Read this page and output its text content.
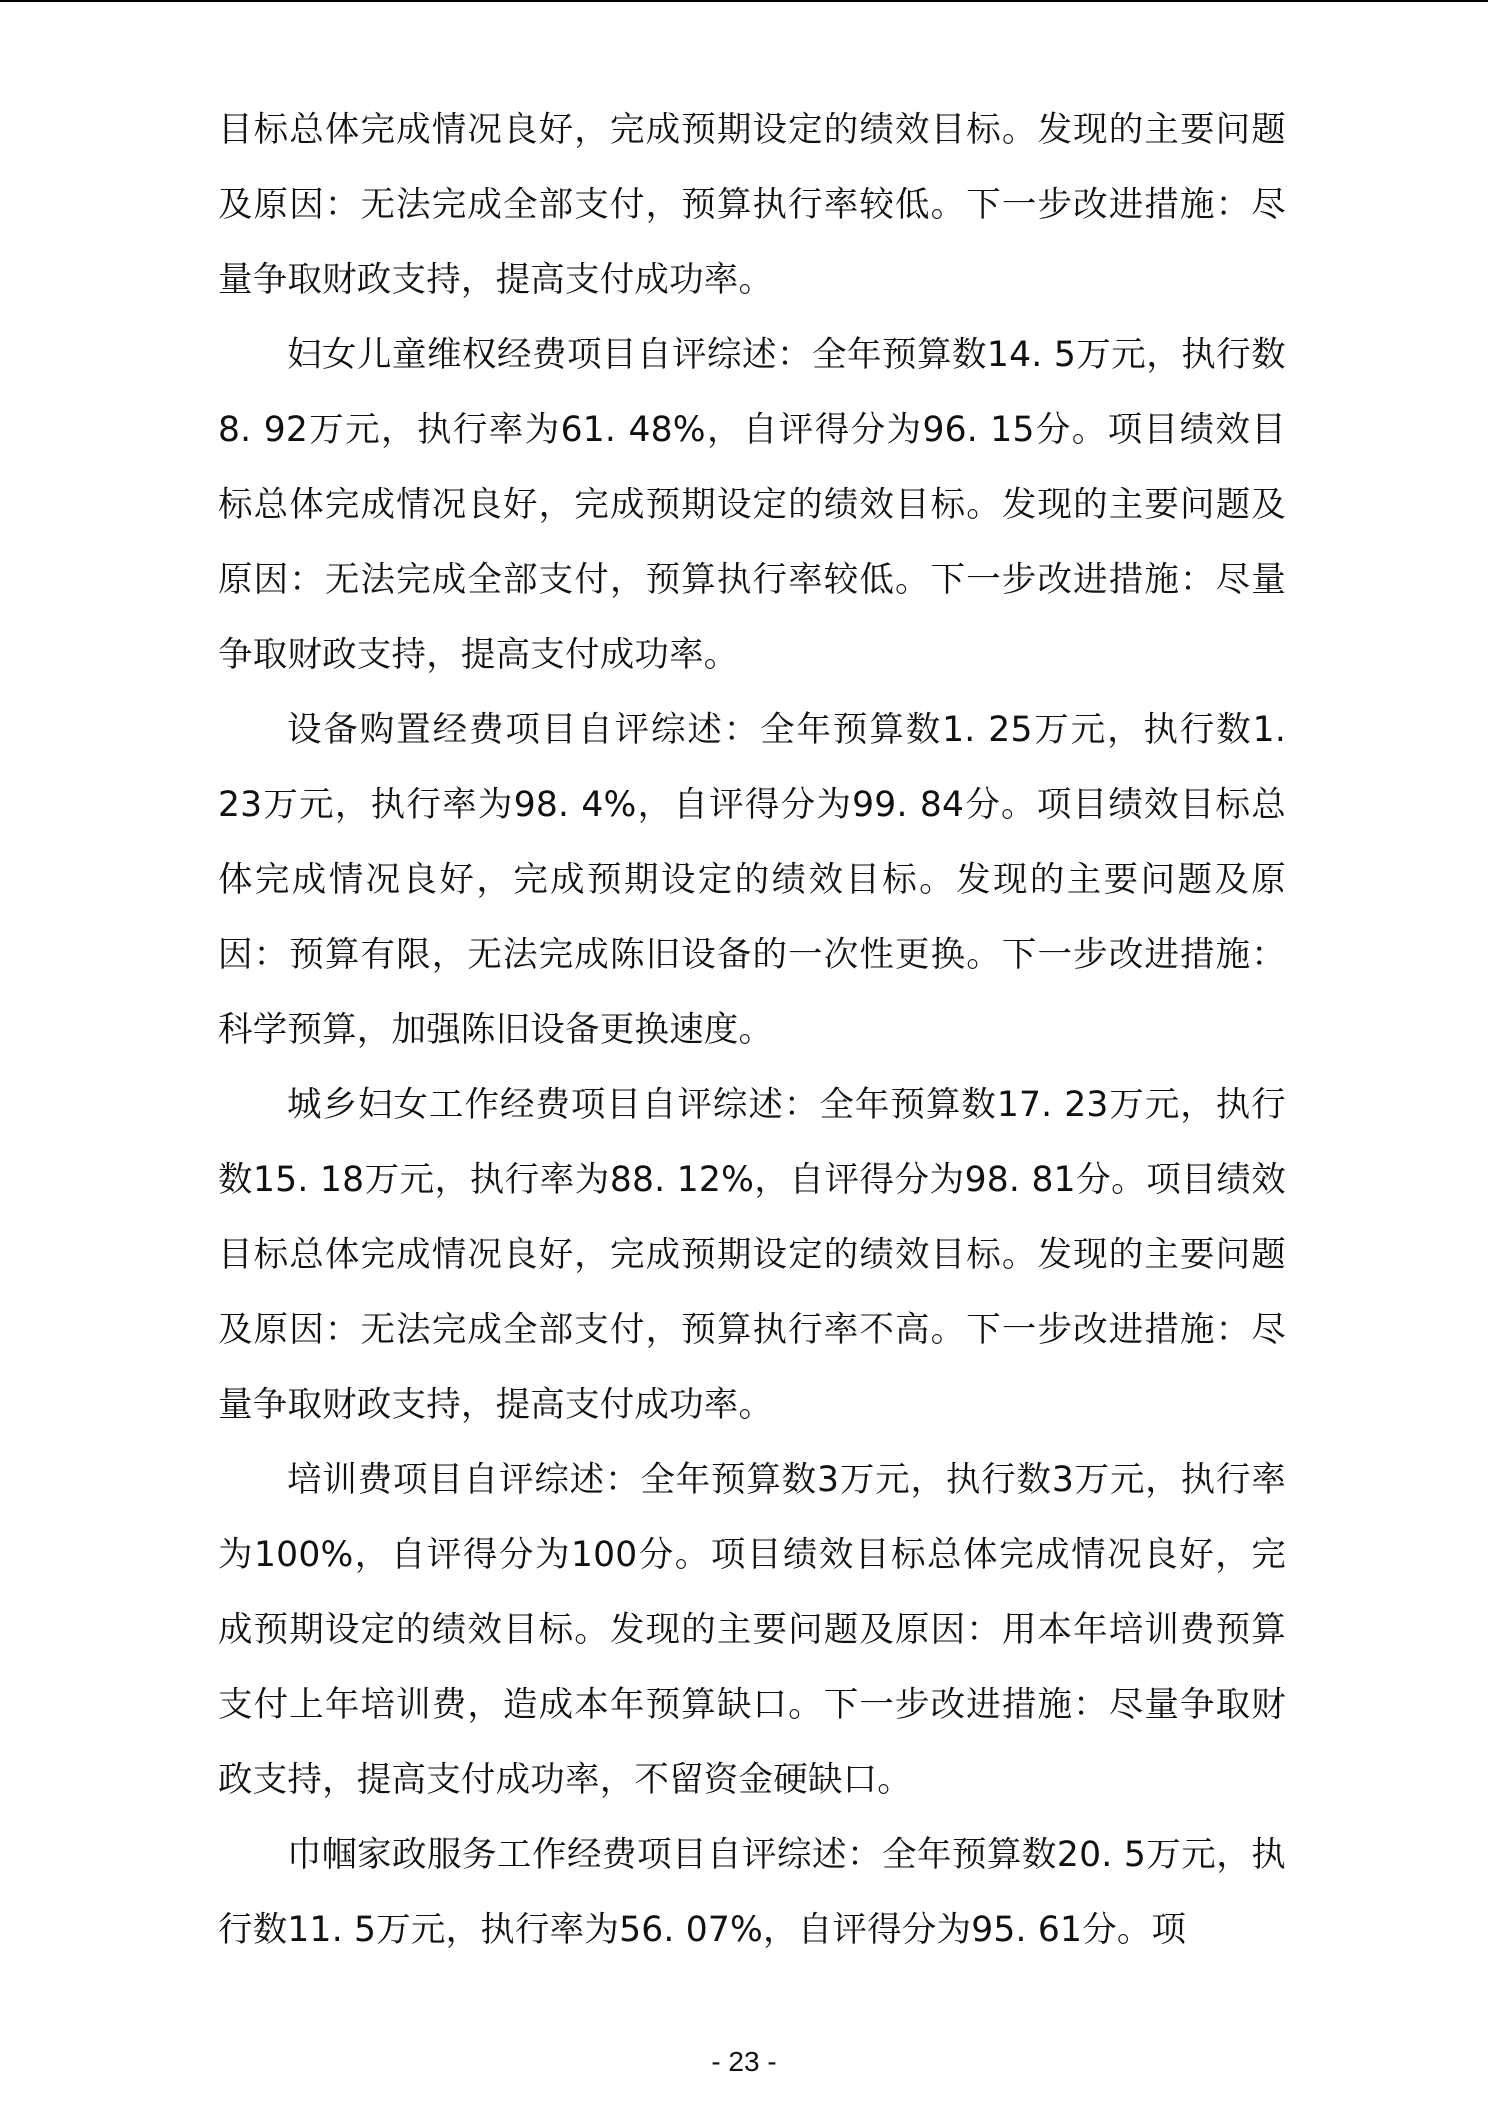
目标总体完成情况良好，完成预期设定的绩效目标。发现的主要问题及原因：无法完成全部支付，预算执行率较低。下一步改进措施：尽量争取财政支持，提高支付成功率。

妇女儿童维权经费项目自评综述：全年预算数14. 5万元，执行数8. 92万元，执行率为61. 48%，自评得分为96. 15分。项目绩效目标总体完成情况良好，完成预期设定的绩效目标。发现的主要问题及原因：无法完成全部支付，预算执行率较低。下一步改进措施：尽量争取财政支持，提高支付成功率。

设备购置经费项目自评综述：全年预算数1. 25万元，执行数1. 23万元，执行率为98. 4%，自评得分为99. 84分。项目绩效目标总体完成情况良好，完成预期设定的绩效目标。发现的主要问题及原因：预算有限，无法完成陈旧设备的一次性更换。下一步改进措施：科学预算，加强陈旧设备更换速度。

城乡妇女工作经费项目自评综述：全年预算数17. 23万元，执行数15. 18万元，执行率为88. 12%，自评得分为98. 81分。项目绩效目标总体完成情况良好，完成预期设定的绩效目标。发现的主要问题及原因：无法完成全部支付，预算执行率不高。下一步改进措施：尽量争取财政支持，提高支付成功率。

培训费项目自评综述：全年预算数3万元，执行数3万元，执行率为100%，自评得分为100分。项目绩效目标总体完成情况良好，完成预期设定的绩效目标。发现的主要问题及原因：用本年培训费预算支付上年培训费，造成本年预算缺口。下一步改进措施：尽量争取财政支持，提高支付成功率，不留资金硬缺口。

巾帼家政服务工作经费项目自评综述：全年预算数20. 5万元，执行数11. 5万元，执行率为56. 07%，自评得分为95. 61分。项

- 23 -
